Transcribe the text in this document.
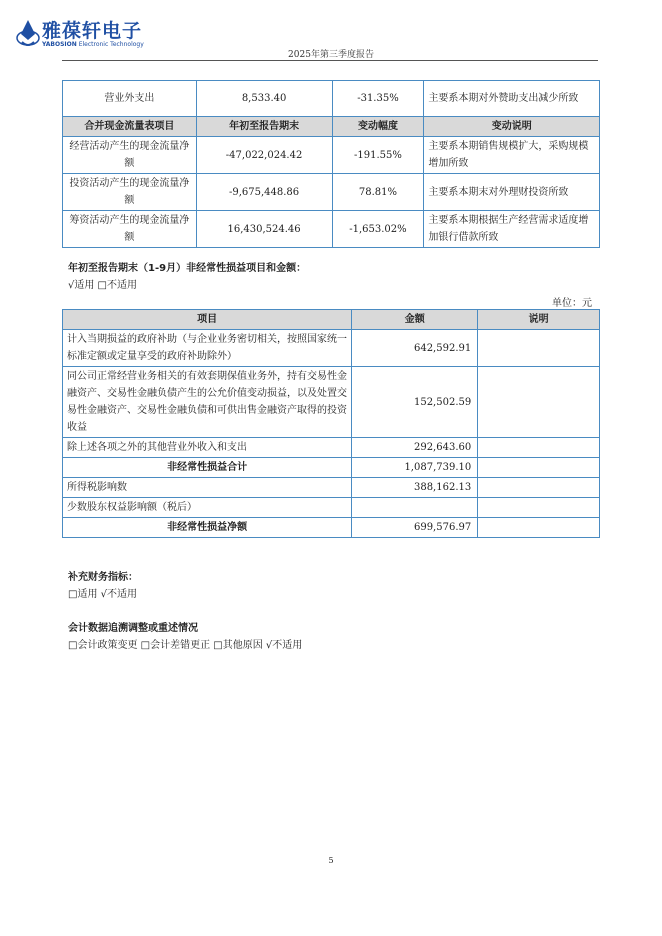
雅葆轩电子
YABOSION Electronic Technology
2025年第三季度报告
营业外支出	8,533.40	-31.35%	主要系本期对外赞助支出减少所致
合并现金流量表项目	年初至报告期末	变动幅度	变动说明
经营活动产生的现金流量净额	-47,022,024.42	-191.55%	主要系本期销售规模扩大，采购规模增加所致
投资活动产生的现金流量净额	-9,675,448.86	78.81%	主要系本期末对外理财投资所致
筹资活动产生的现金流量净额	16,430,524.46	-1,653.02%	主要系本期根据生产经营需求适度增加银行借款所致
年初至报告期末（1-9月）非经常性损益项目和金额：
√适用 □不适用
单位：元
项目	金额	说明
计入当期损益的政府补助（与企业业务密切相关，按照国家统一标准定额或定量享受的政府补助除外）	642,592.91	
同公司正常经营业务相关的有效套期保值业务外，持有交易性金融资产、交易性金融负债产生的公允价值变动损益，以及处置交易性金融资产、交易性金融负债和可供出售金融资产取得的投资收益	152,502.59	
除上述各项之外的其他营业外收入和支出	292,643.60	
非经常性损益合计	1,087,739.10	
所得税影响数	388,162.13	
少数股东权益影响额（税后）		
非经常性损益净额	699,576.97	
补充财务指标：
□适用 √不适用
会计数据追溯调整或重述情况
□会计政策变更 □会计差错更正 □其他原因 √不适用
5
